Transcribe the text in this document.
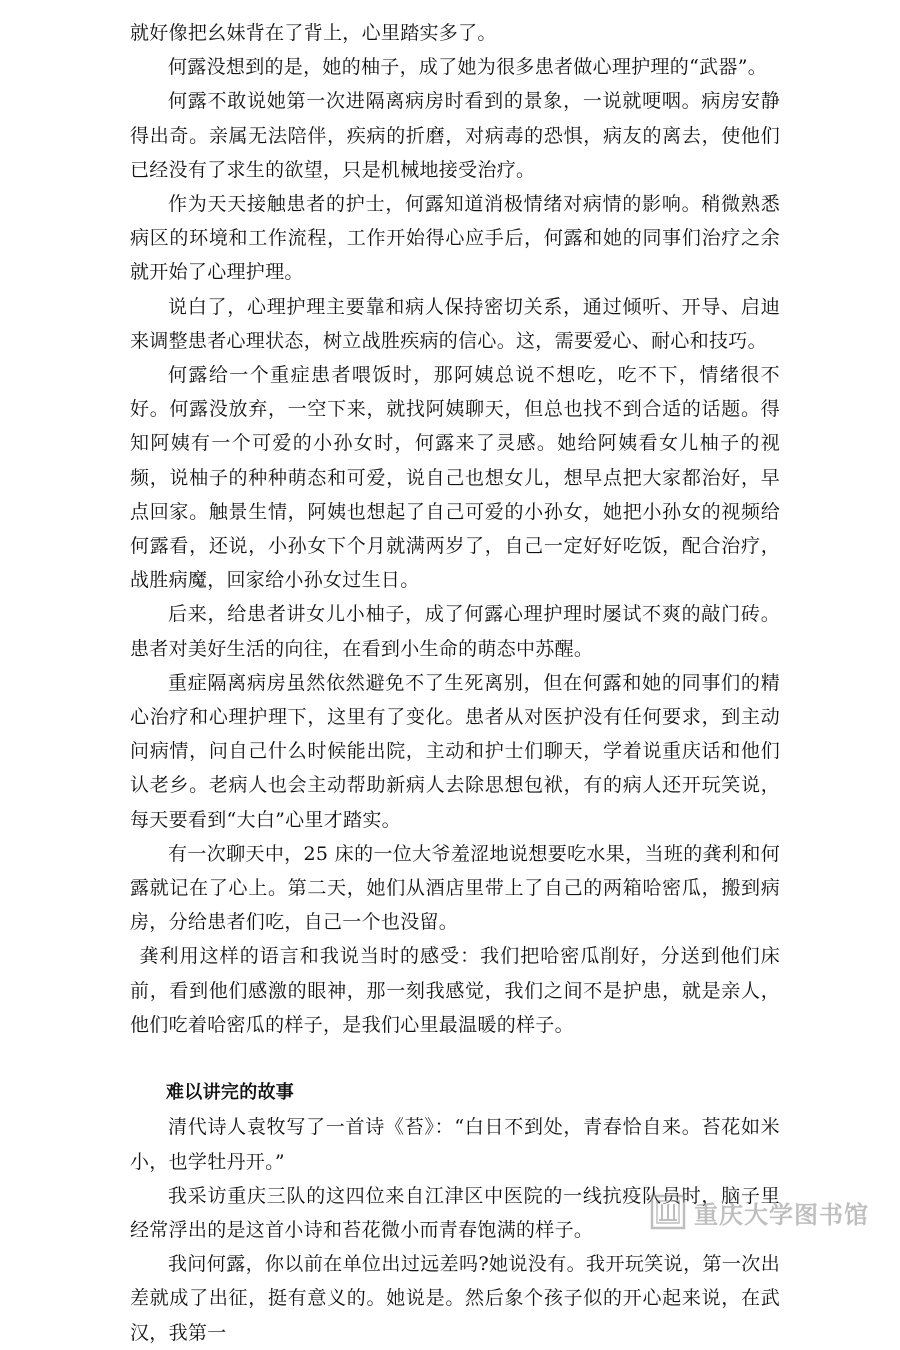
就好像把幺妹背在了背上，心里踏实多了。

何露没想到的是，她的柚子，成了她为很多患者做心理护理的“武器”。

何露不敢说她第一次进隔离病房时看到的景象，一说就哽咽。病房安静得出奇。亲属无法陪伴，疾病的折磨，对病毒的恐惧，病友的离去，使他们已经没有了求生的欲望，只是机械地接受治疗。

作为天天接触患者的护士，何露知道消极情绪对病情的影响。稍微熟悉病区的环境和工作流程，工作开始得心应手后，何露和她的同事们治疗之余就开始了心理护理。

说白了，心理护理主要靠和病人保持密切关系，通过倾听、开导、启迪来调整患者心理状态，树立战胜疾病的信心。这，需要爱心、耐心和技巧。

何露给一个重症患者喂饭时，那阿姨总说不想吃，吃不下，情绪很不好。何露没放弃，一空下来，就找阿姨聊天，但总也找不到合适的话题。得知阿姨有一个可爱的小孙女时，何露来了灵感。她给阿姨看女儿柚子的视频，说柚子的种种萌态和可爱，说自己也想女儿，想早点把大家都治好，早点回家。触景生情，阿姨也想起了自己可爱的小孙女，她把小孙女的视频给何露看，还说，小孙女下个月就满两岁了，自己一定好好吃饭，配合治疗，战胜病魔，回家给小孙女过生日。

后来，给患者讲女儿小柚子，成了何露心理护理时屡试不爽的敲门砖。患者对美好生活的向往，在看到小生命的萌态中苏醒。

重症隔离病房虽然依然避免不了生死离别，但在何露和她的同事们的精心治疗和心理护理下，这里有了变化。患者从对医护没有任何要求，到主动问病情，问自己什么时候能出院，主动和护士们聊天，学着说重庆话和他们认老乡。老病人也会主动帮助新病人去除思想包袱，有的病人还开玩笑说，每天要看到“大白”心里才踏实。

有一次聊天中，25 床的一位大爷羞涩地说想要吃水果，当班的龚利和何露就记在了心上。第二天，她们从酒店里带上了自己的两箱哈密瓜，搬到病房，分给患者们吃，自己一个也没留。

龚利用这样的语言和我说当时的感受：我们把哈密瓜削好，分送到他们床前，看到他们感激的眼神，那一刻我感觉，我们之间不是护患，就是亲人，他们吃着哈密瓜的样子，是我们心里最温暖的样子。

难以讲完的故事

清代诗人袁牧写了一首诗《苔》：“白日不到处，青春恰自来。苔花如米小，也学牡丹开。”

我采访重庆三队的这四位来自江津区中医院的一线抗疫队员时，脑子里经常浮出的是这首小诗和苔花微小而青春饱满的样子。

我问何露，你以前在单位出过远差吗?她说没有。我开玩笑说，第一次出差就成了出征，挺有意义的。她说是。然后象个孩子似的开心起来说，在武汉，我第一

重庆大学图书馆
